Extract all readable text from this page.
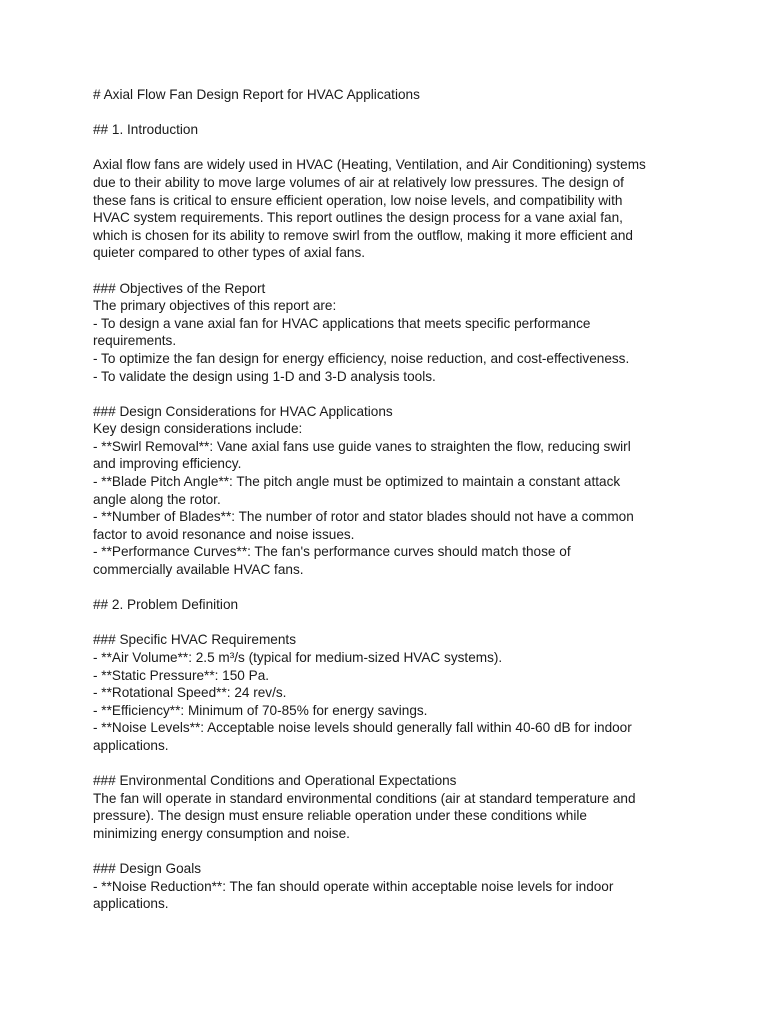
# Axial Flow Fan Design Report for HVAC Applications
## 1. Introduction
Axial flow fans are widely used in HVAC (Heating, Ventilation, and Air Conditioning) systems
due to their ability to move large volumes of air at relatively low pressures. The design of
these fans is critical to ensure efficient operation, low noise levels, and compatibility with
HVAC system requirements. This report outlines the design process for a vane axial fan,
which is chosen for its ability to remove swirl from the outflow, making it more efficient and
quieter compared to other types of axial fans.
### Objectives of the Report
The primary objectives of this report are:
- To design a vane axial fan for HVAC applications that meets specific performance
requirements.
- To optimize the fan design for energy efficiency, noise reduction, and cost-effectiveness.
- To validate the design using 1-D and 3-D analysis tools.
### Design Considerations for HVAC Applications
Key design considerations include:
- **Swirl Removal**: Vane axial fans use guide vanes to straighten the flow, reducing swirl
and improving efficiency.
- **Blade Pitch Angle**: The pitch angle must be optimized to maintain a constant attack
angle along the rotor.
- **Number of Blades**: The number of rotor and stator blades should not have a common
factor to avoid resonance and noise issues.
- **Performance Curves**: The fan's performance curves should match those of
commercially available HVAC fans.
## 2. Problem Definition
### Specific HVAC Requirements
- **Air Volume**: 2.5 m³/s (typical for medium-sized HVAC systems).
- **Static Pressure**: 150 Pa.
- **Rotational Speed**: 24 rev/s.
- **Efficiency**: Minimum of 70-85% for energy savings.
- **Noise Levels**: Acceptable noise levels should generally fall within 40-60 dB for indoor
applications.
### Environmental Conditions and Operational Expectations
The fan will operate in standard environmental conditions (air at standard temperature and
pressure). The design must ensure reliable operation under these conditions while
minimizing energy consumption and noise.
### Design Goals
- **Noise Reduction**: The fan should operate within acceptable noise levels for indoor
applications.
